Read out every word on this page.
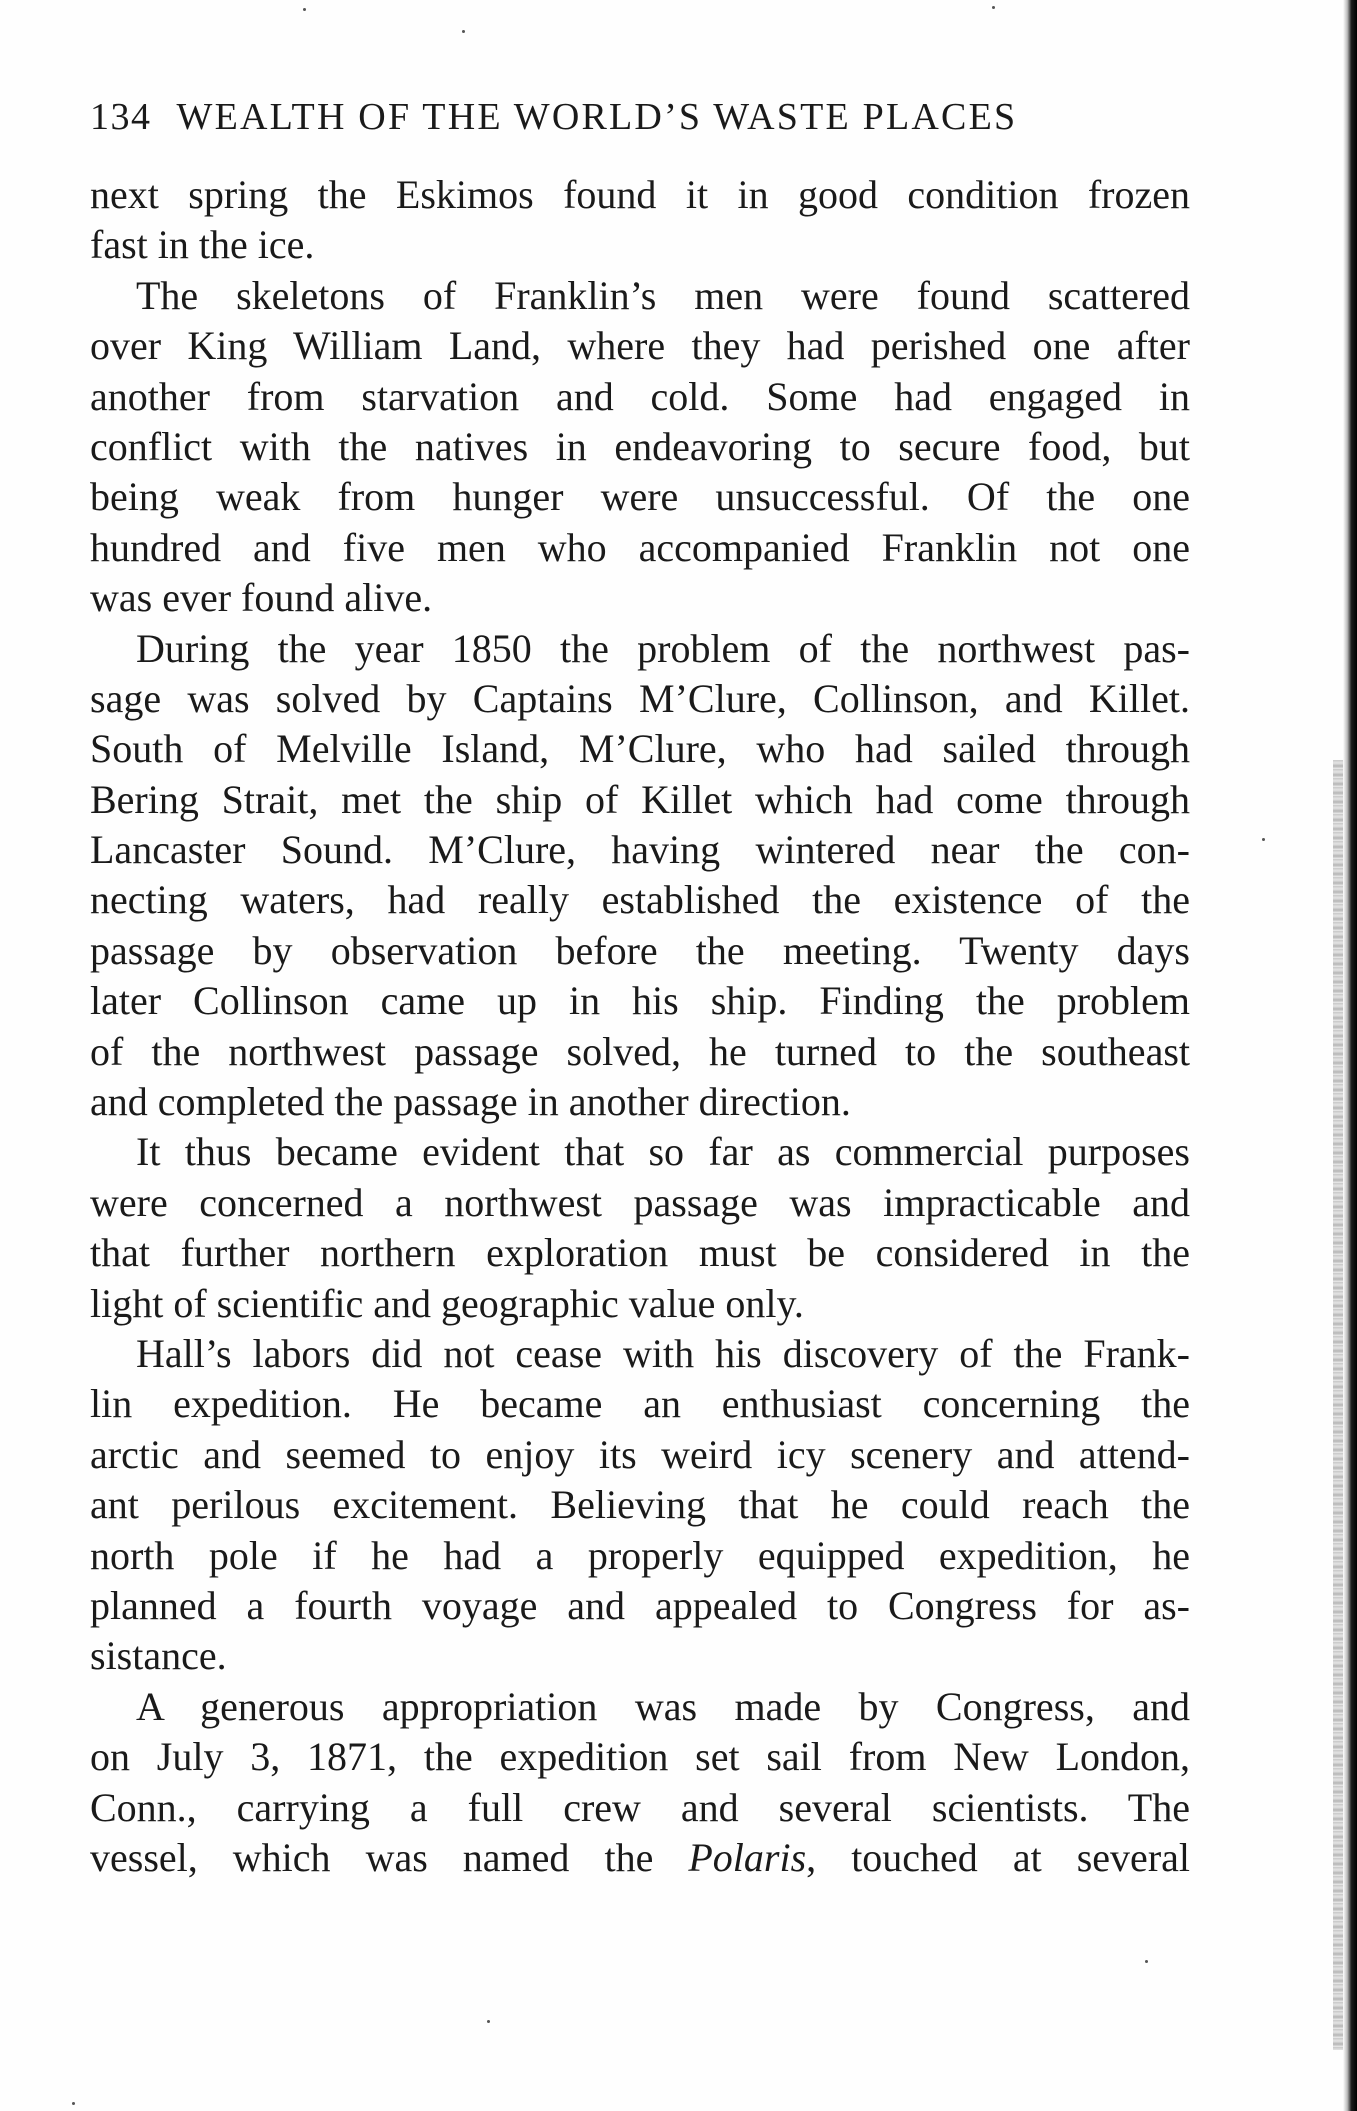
134 WEALTH OF THE WORLD’S WASTE PLACES
next spring the Eskimos found it in good condition frozen
fast in the ice.
The skeletons of Franklin’s men were found scattered
over King William Land, where they had perished one after
another from starvation and cold. Some had engaged in
conflict with the natives in endeavoring to secure food, but
being weak from hunger were unsuccessful. Of the one
hundred and five men who accompanied Franklin not one
was ever found alive.
During the year 1850 the problem of the northwest pas-
sage was solved by Captains M’Clure, Collinson, and Killet.
South of Melville Island, M’Clure, who had sailed through
Bering Strait, met the ship of Killet which had come through
Lancaster Sound. M’Clure, having wintered near the con-
necting waters, had really established the existence of the
passage by observation before the meeting. Twenty days
later Collinson came up in his ship. Finding the problem
of the northwest passage solved, he turned to the southeast
and completed the passage in another direction.
It thus became evident that so far as commercial purposes
were concerned a northwest passage was impracticable and
that further northern exploration must be considered in the
light of scientific and geographic value only.
Hall’s labors did not cease with his discovery of the Frank-
lin expedition. He became an enthusiast concerning the
arctic and seemed to enjoy its weird icy scenery and attend-
ant perilous excitement. Believing that he could reach the
north pole if he had a properly equipped expedition, he
planned a fourth voyage and appealed to Congress for as-
sistance.
A generous appropriation was made by Congress, and
on July 3, 1871, the expedition set sail from New London,
Conn., carrying a full crew and several scientists. The
vessel, which was named the Polaris, touched at several
